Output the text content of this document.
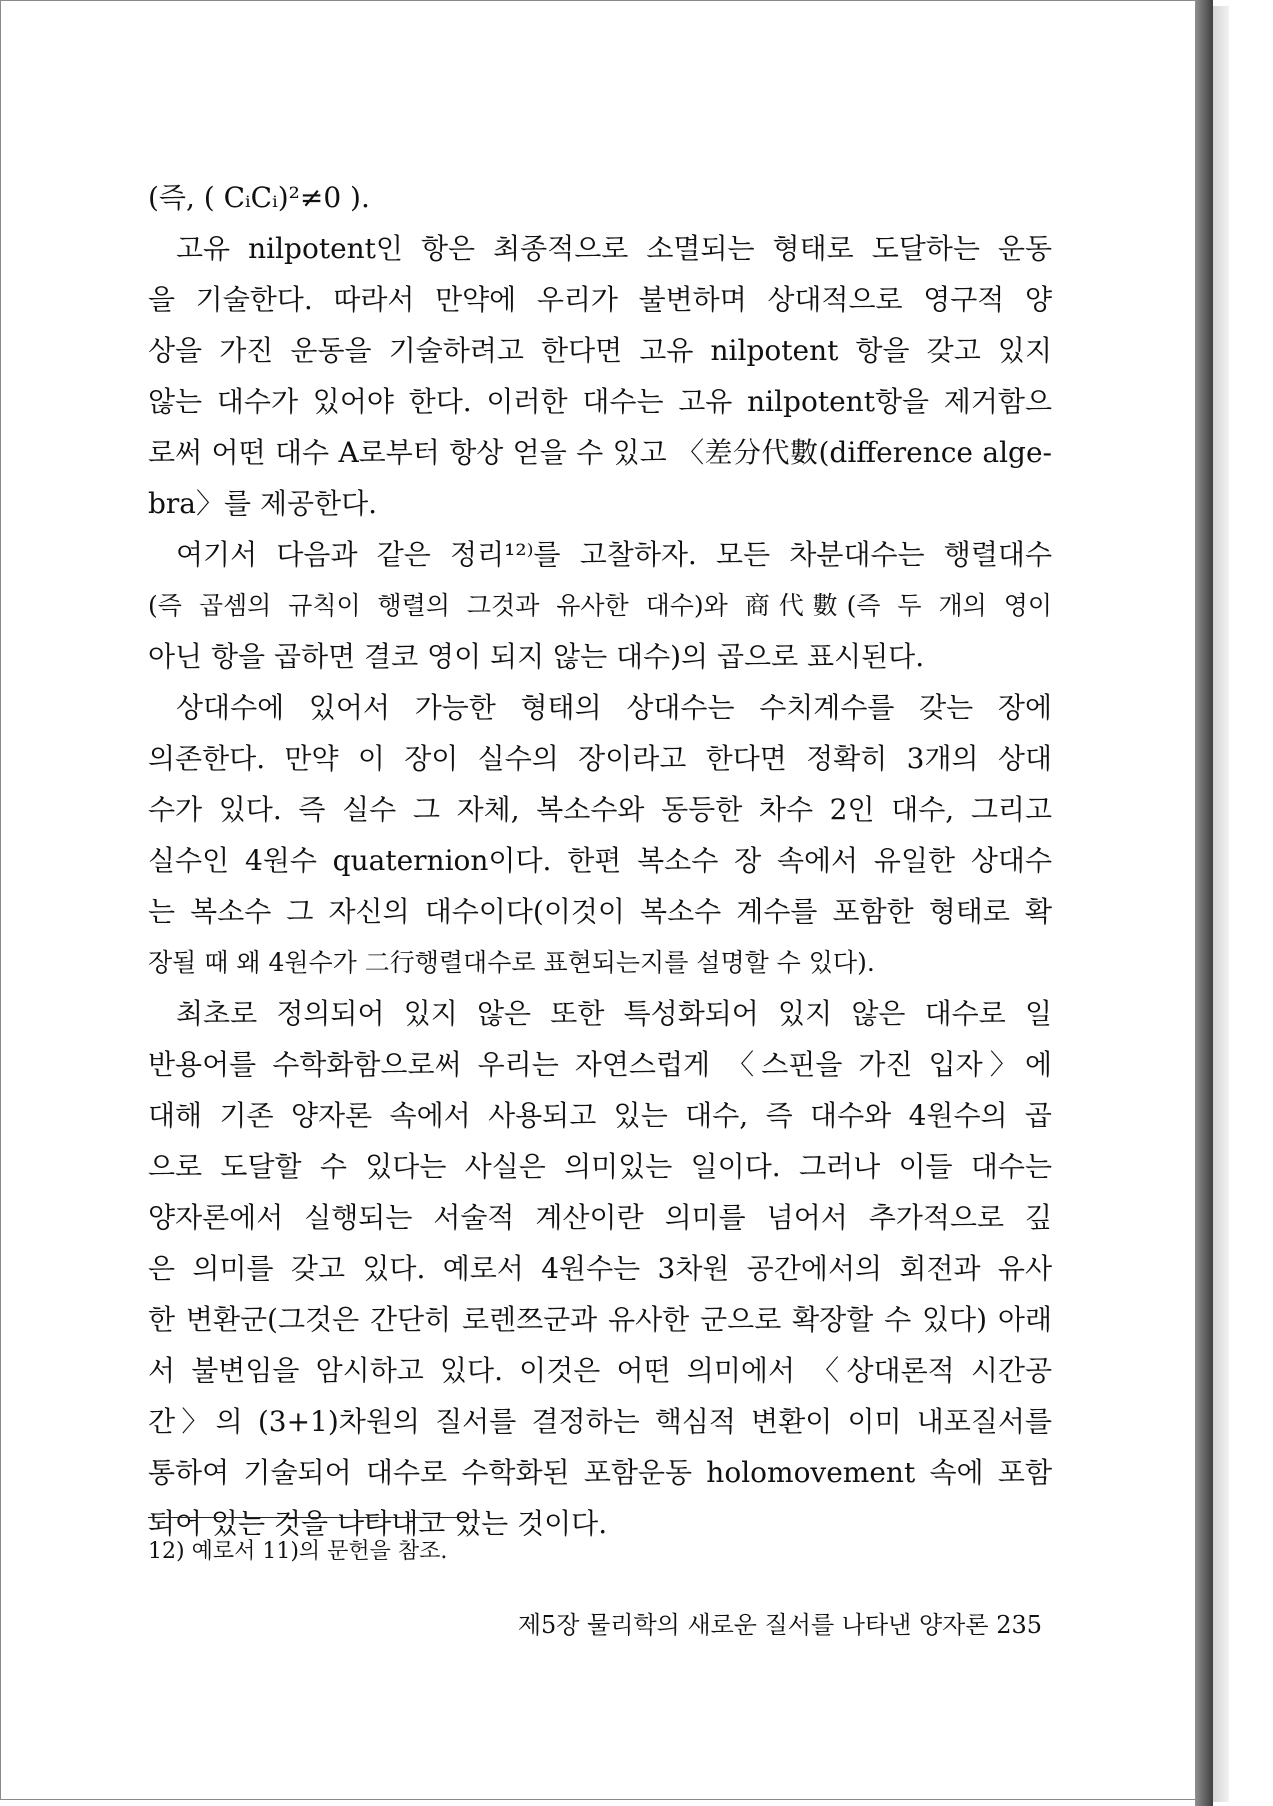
(즉, ( CᵢCᵢ)²≠0 ).
고유 nilpotent인 항은 최종적으로 소멸되는 형태로 도달하는 운동
을 기술한다. 따라서 만약에 우리가 불변하며 상대적으로 영구적 양
상을 가진 운동을 기술하려고 한다면 고유 nilpotent 항을 갖고 있지
않는 대수가 있어야 한다. 이러한 대수는 고유 nilpotent항을 제거함으
로써 어떤 대수 A로부터 항상 얻을 수 있고 〈差分代數(difference alge-
bra〉를 제공한다.
여기서 다음과 같은 정리¹²⁾를 고찰하자. 모든 차분대수는 행렬대수
(즉 곱셈의 규칙이 행렬의 그것과 유사한 대수)와 商代數(즉 두 개의 영이
아닌 항을 곱하면 결코 영이 되지 않는 대수)의 곱으로 표시된다.
상대수에 있어서 가능한 형태의 상대수는 수치계수를 갖는 장에
의존한다. 만약 이 장이 실수의 장이라고 한다면 정확히 3개의 상대
수가 있다. 즉 실수 그 자체, 복소수와 동등한 차수 2인 대수, 그리고
실수인 4원수 quaternion이다. 한편 복소수 장 속에서 유일한 상대수
는 복소수 그 자신의 대수이다(이것이 복소수 계수를 포함한 형태로 확
장될 때 왜 4원수가 二行행렬대수로 표현되는지를 설명할 수 있다).
최초로 정의되어 있지 않은 또한 특성화되어 있지 않은 대수로 일
반용어를 수학화함으로써 우리는 자연스럽게 〈스핀을 가진 입자〉에
대해 기존 양자론 속에서 사용되고 있는 대수, 즉 대수와 4원수의 곱
으로 도달할 수 있다는 사실은 의미있는 일이다. 그러나 이들 대수는
양자론에서 실행되는 서술적 계산이란 의미를 넘어서 추가적으로 깊
은 의미를 갖고 있다. 예로서 4원수는 3차원 공간에서의 회전과 유사
한 변환군(그것은 간단히 로렌쯔군과 유사한 군으로 확장할 수 있다) 아래
서 불변임을 암시하고 있다. 이것은 어떤 의미에서 〈상대론적 시간공
간〉의 (3+1)차원의 질서를 결정하는 핵심적 변환이 이미 내포질서를
통하여 기술되어 대수로 수학화된 포함운동 holomovement 속에 포함
되어 있는 것을 나타내고 있는 것이다.
12) 예로서 11)의 문헌을 참조.
제5장 물리학의 새로운 질서를 나타낸 양자론 235
